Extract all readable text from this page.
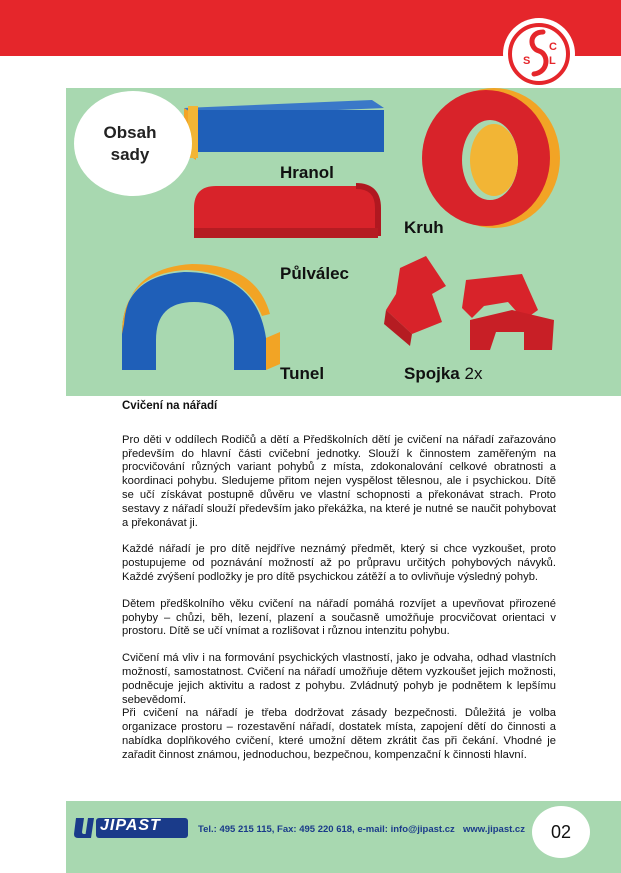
C
L
S
Obsah
sady
Hranol
Půlválec
Kruh
Tunel	Spojka 2x
Cvičení na nářadí

Pro děti v oddílech Rodičů a dětí a Předškolních dětí je cvičení na nářadí zařazováno především do hlavní části cvičební jednotky. Slouží k činnostem zaměřeným na procvičování různých variant pohybů z místa, zdokonalování celkové obratnosti a koordinaci pohybu. Sledujeme přitom nejen vyspělost tělesnou, ale i psychickou. Dítě se učí získávat postupně důvěru ve vlastní schopnosti a překonávat strach. Proto sestavy z nářadí slouží především jako překážka, na které je nutné se naučit pohybovat a překonávat ji.

Každé nářadí je pro dítě nejdříve neznámý předmět, který si chce vyzkoušet, proto postupujeme od poznávání možností až po průpravu určitých pohybových návyků. Každé zvýšení podložky je pro dítě psychickou zátěží a to ovlivňuje výsledný pohyb.

Dětem předškolního věku cvičení na nářadí pomáhá rozvíjet a upevňovat přirozené pohyby – chůzi, běh, lezení, plazení a současně umožňuje procvičovat orientaci v prostoru. Dítě se učí vnímat a rozlišovat i různou intenzitu pohybu.

Cvičení má vliv i na formování psychických vlastností, jako je odvaha, odhad vlastních možností, samostatnost. Cvičení na nářadí umožňuje dětem vyzkoušet jejich možnosti, podněcuje jejich aktivitu a radost z pohybu. Zvládnutý pohyb je podnětem k lepšímu sebevědomí.

Při cvičení na nářadí je třeba dodržovat zásady bezpečnosti. Důležitá je volba organizace prostoru – rozestavění nářadí, dostatek místa, zapojení dětí do činnosti a nabídka doplňkového cvičení, které umožní dětem zkrátit čas při čekání. Vhodné je zařadit činnost známou, jednoduchou, bezpečnou, kompenzační k činnosti hlavní.

JIPAST	Tel.: 495 215 115, Fax: 495 220 618, e-mail: info@jipast.cz www.jipast.cz	02
